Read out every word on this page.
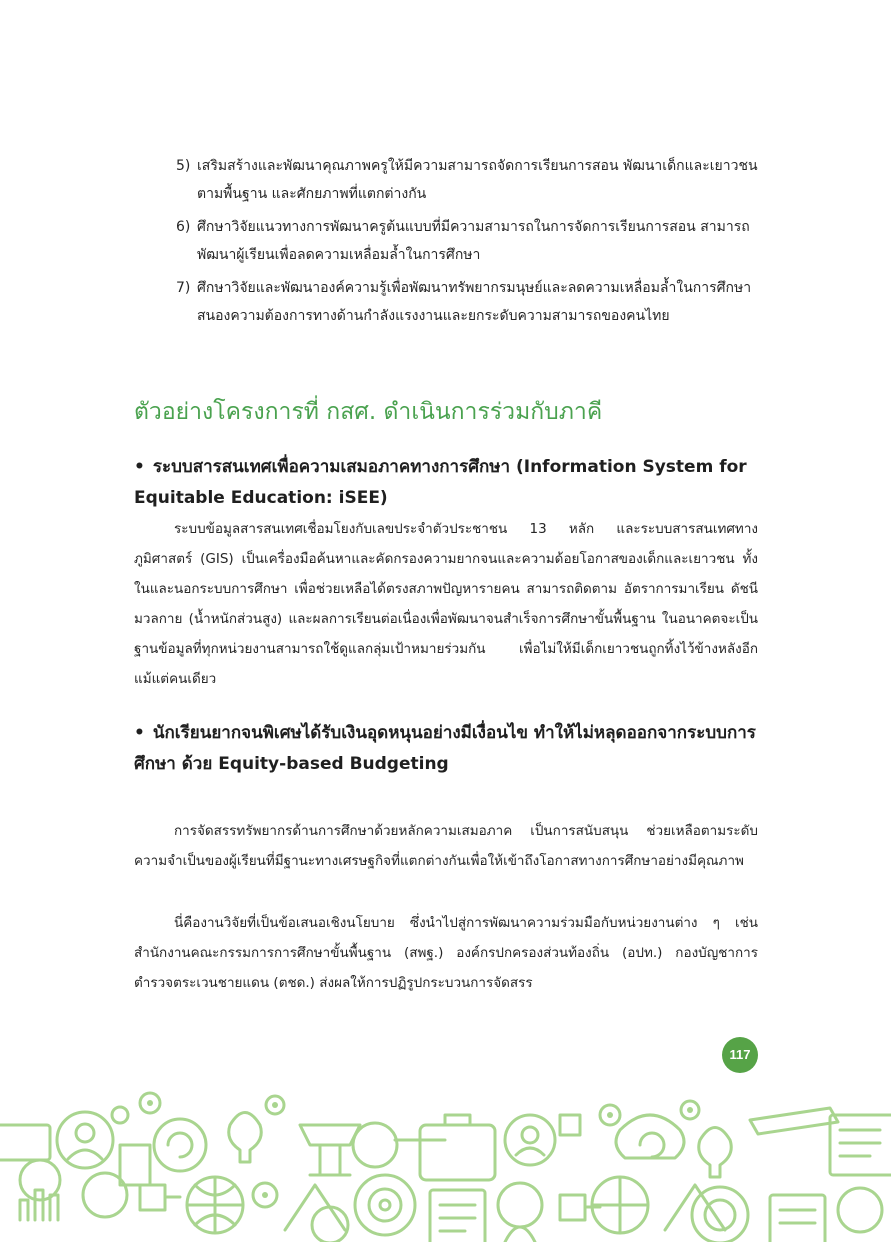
5) เสริมสร้างและพัฒนาคุณภาพครูให้มีความสามารถจัดการเรียนการสอน พัฒนาเด็กและเยาวชนตามพื้นฐาน และศักยภาพที่แตกต่างกัน
6) ศึกษาวิจัยแนวทางการพัฒนาครูต้นแบบที่มีความสามารถในการจัดการเรียนการสอน สามารถพัฒนาผู้เรียนเพื่อลดความเหลื่อมล้ำในการศึกษา
7) ศึกษาวิจัยและพัฒนาองค์ความรู้เพื่อพัฒนาทรัพยากรมนุษย์และลดความเหลื่อมล้ำในการศึกษา สนองความต้องการทางด้านกำลังแรงงานและยกระดับความสามารถของคนไทย
ตัวอย่างโครงการที่ กสศ. ดำเนินการร่วมกับภาคี
• ระบบสารสนเทศเพื่อความเสมอภาคทางการศึกษา (Information System for Equitable Education: iSEE)

ระบบข้อมูลสารสนเทศเชื่อมโยงกับเลขประจำตัวประชาชน 13 หลัก และระบบสารสนเทศทางภูมิศาสตร์ (GIS) เป็นเครื่องมือค้นหาและคัดกรองความยากจนและความด้อยโอกาสของเด็กและเยาวชน ทั้งในและนอกระบบการศึกษา เพื่อช่วยเหลือได้ตรงสภาพปัญหารายคน สามารถติดตาม อัตราการมาเรียน ดัชนีมวลกาย (น้ำหนักส่วนสูง) และผลการเรียนต่อเนื่องเพื่อพัฒนาจนสำเร็จการศึกษาขั้นพื้นฐาน ในอนาคตจะเป็นฐานข้อมูลที่ทุกหน่วยงานสามารถใช้ดูแลกลุ่มเป้าหมายร่วมกัน เพื่อไม่ให้มีเด็กเยาวชนถูกทิ้งไว้ข้างหลังอีกแม้แต่คนเดียว

• นักเรียนยากจนพิเศษได้รับเงินอุดหนุนอย่างมีเงื่อนไข ทำให้ไม่หลุดออกจากระบบการศึกษา ด้วย Equity-based Budgeting

การจัดสรรทรัพยากรด้านการศึกษาด้วยหลักความเสมอภาค เป็นการสนับสนุน ช่วยเหลือตามระดับความจำเป็นของผู้เรียนที่มีฐานะทางเศรษฐกิจที่แตกต่างกันเพื่อให้เข้าถึงโอกาสทางการศึกษาอย่างมีคุณภาพ

นี่คืองานวิจัยที่เป็นข้อเสนอเชิงนโยบาย ซึ่งนำไปสู่การพัฒนาความร่วมมือกับหน่วยงานต่าง ๆ เช่น สำนักงานคณะกรรมการการศึกษาขั้นพื้นฐาน (สพฐ.) องค์กรปกครองส่วนท้องถิ่น (อปท.) กองบัญชาการตำรวจตระเวนชายแดน (ตชด.) ส่งผลให้การปฏิรูปกระบวนการจัดสรร

117
